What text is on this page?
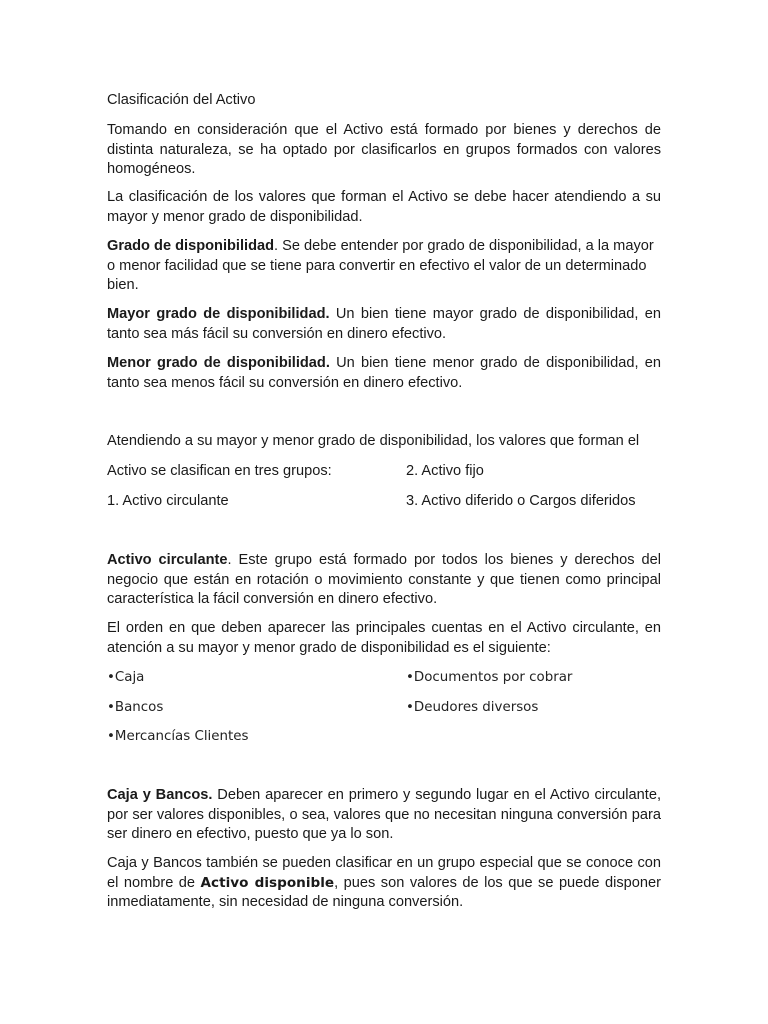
Clasificación del Activo

Tomando en consideración que el Activo está formado por bienes y derechos de distinta naturaleza, se ha optado por clasificarlos en grupos formados con valores homogéneos.

La clasificación de los valores que forman el Activo se debe hacer atendiendo a su mayor y menor grado de disponibilidad.

Grado de disponibilidad. Se debe entender por grado de disponibilidad, a la mayor o menor facilidad que se tiene para convertir en efectivo el valor de un determinado bien.

Mayor grado de disponibilidad. Un bien tiene mayor grado de disponibilidad, en tanto sea más fácil su conversión en dinero efectivo.

Menor grado de disponibilidad. Un bien tiene menor grado de disponibilidad, en tanto sea menos fácil su conversión en dinero efectivo.

Atendiendo a su mayor y menor grado de disponibilidad, los valores que forman el

Activo se clasifican en tres grupos:	2. Activo fijo

1. Activo circulante	3. Activo diferido o Cargos diferidos

Activo circulante. Este grupo está formado por todos los bienes y derechos del negocio que están en rotación o movimiento constante y que tienen como principal característica la fácil conversión en dinero efectivo.

El orden en que deben aparecer las principales cuentas en el Activo circulante, en atención a su mayor y menor grado de disponibilidad es el siguiente:

•Caja	•Documentos por cobrar

•Bancos	•Deudores diversos

•Mercancías Clientes

Caja y Bancos. Deben aparecer en primero y segundo lugar en el Activo circulante, por ser valores disponibles, o sea, valores que no necesitan ninguna conversión para ser dinero en efectivo, puesto que ya lo son.

Caja y Bancos también se pueden clasificar en un grupo especial que se conoce con el nombre de Activo disponible, pues son valores de los que se puede disponer inmediatamente, sin necesidad de ninguna conversión.
